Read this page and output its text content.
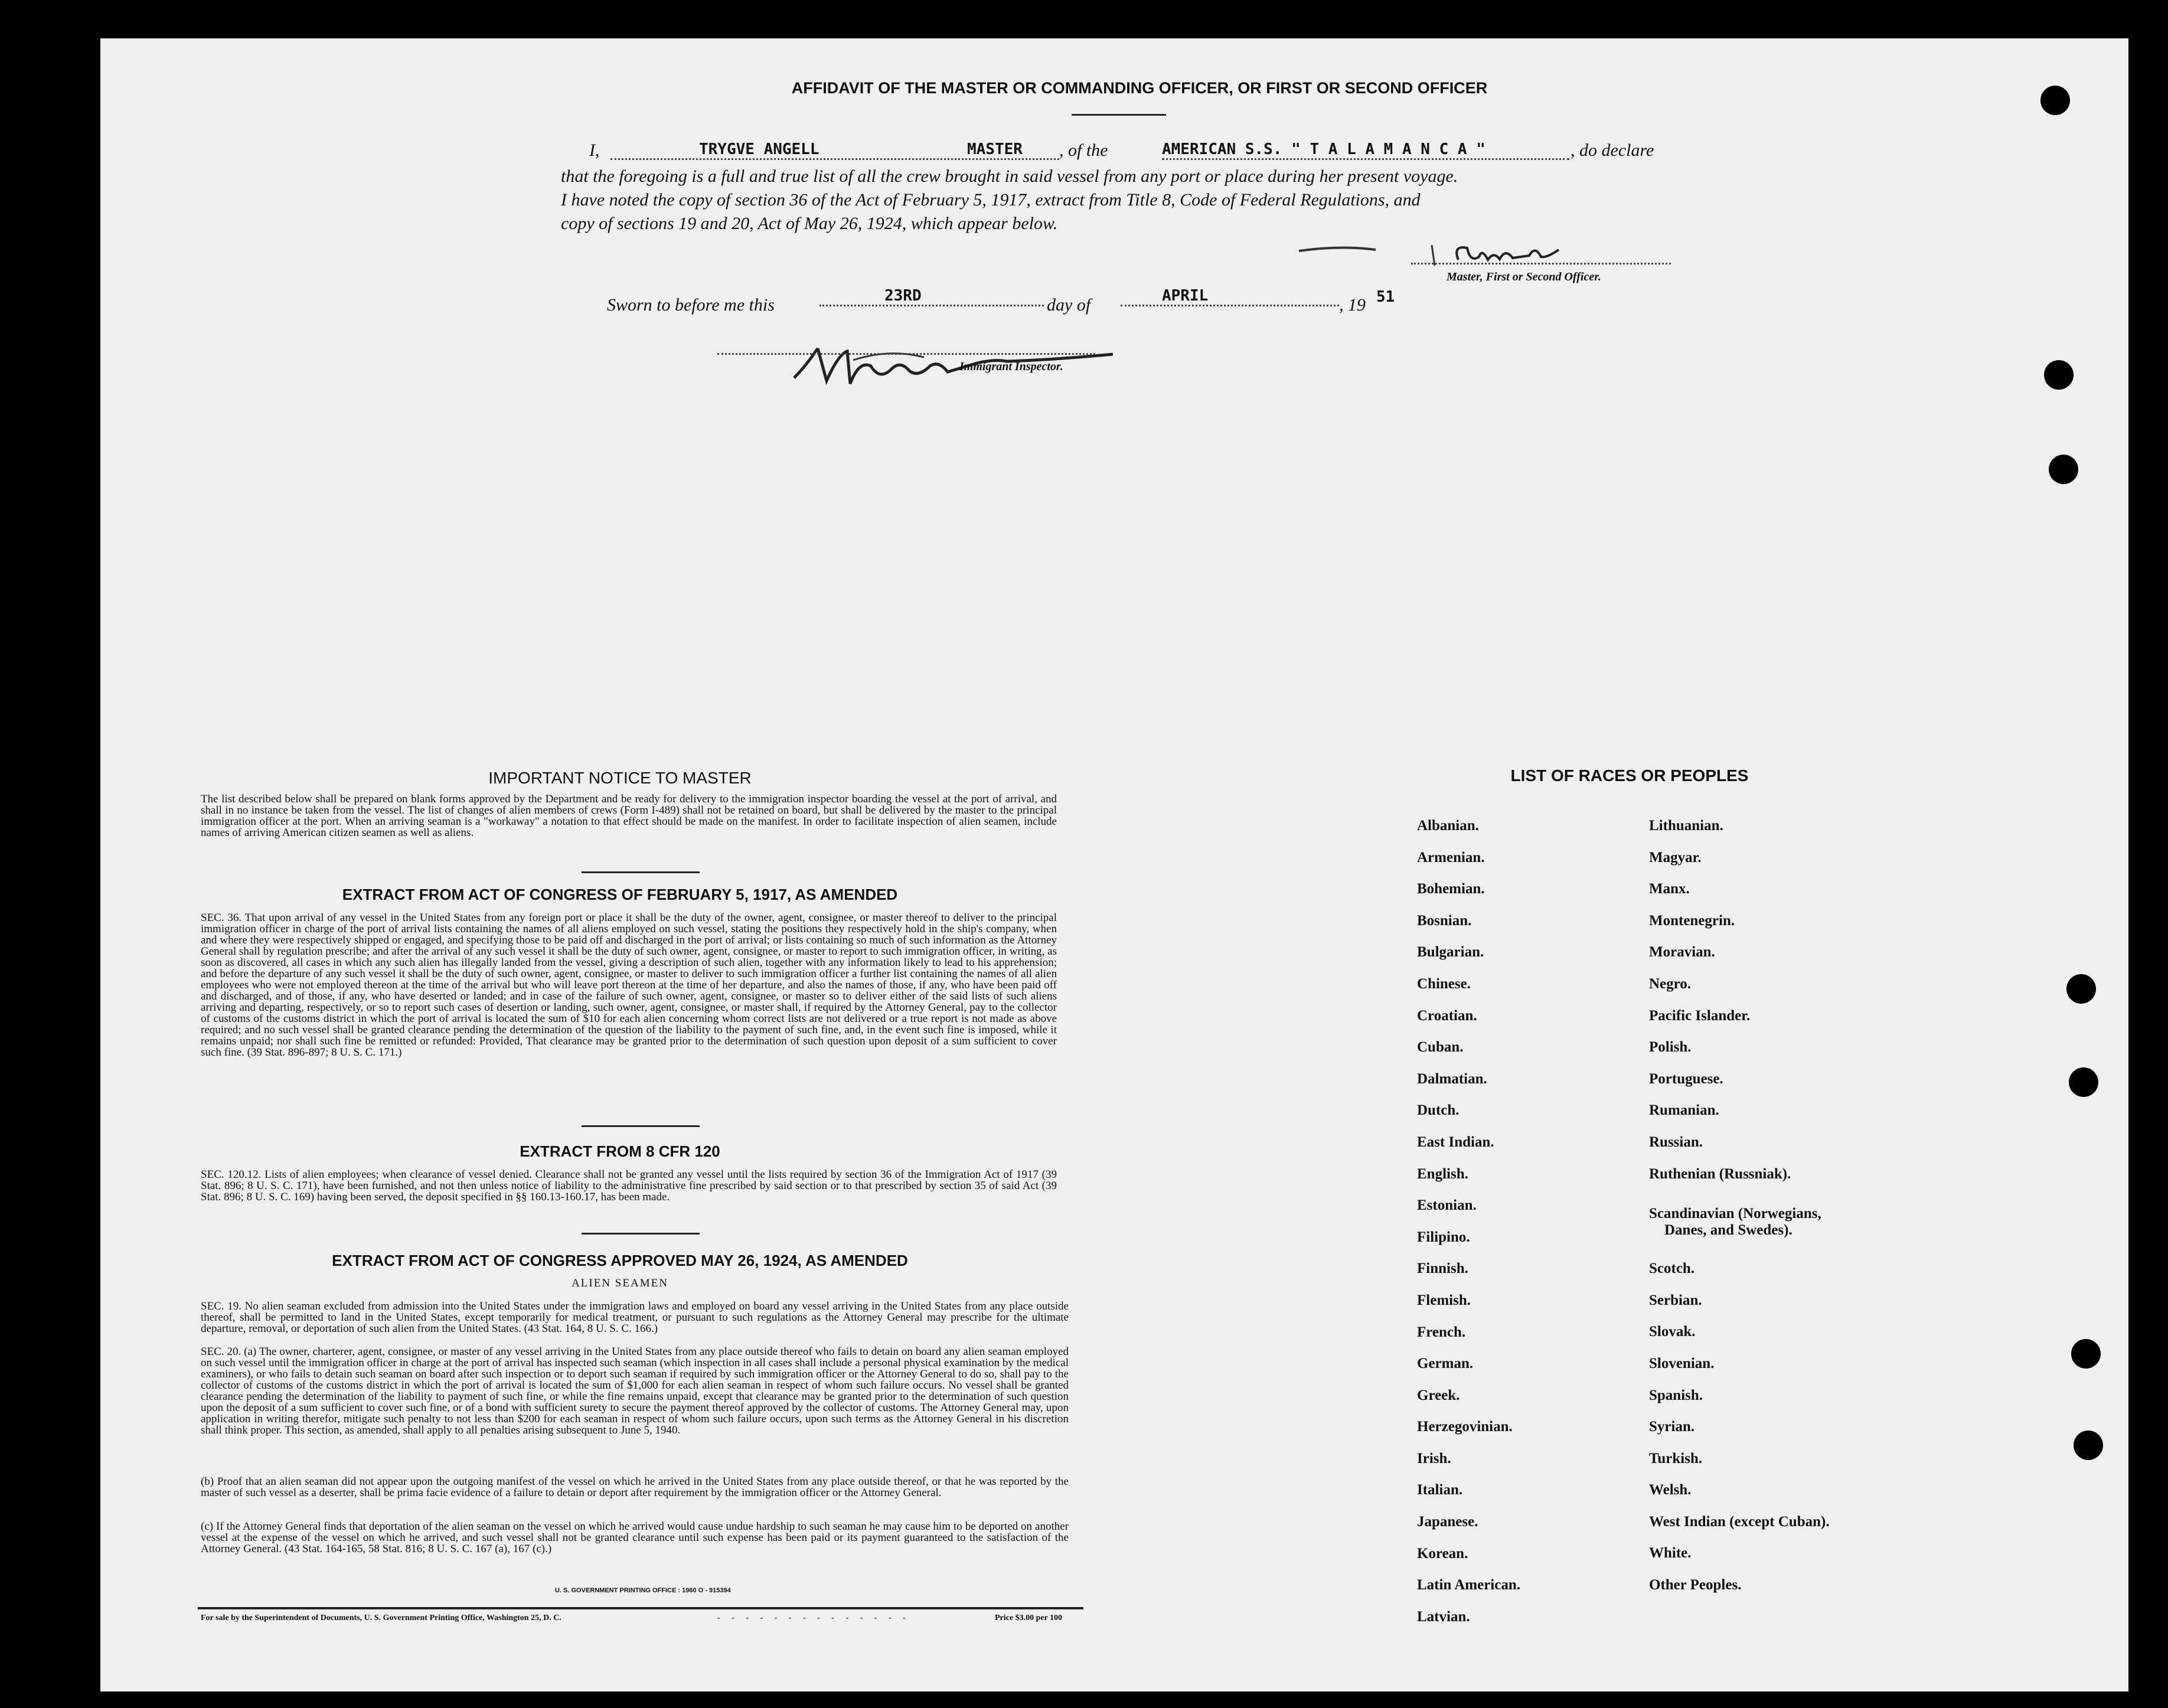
AFFIDAVIT OF THE MASTER OR COMMANDING OFFICER, OR FIRST OR SECOND OFFICER
I,	TRYGVE ANGELL	MASTER , of the	AMERICAN S.S. " T A L A M A N C A "	, do declare
that the foregoing is a full and true list of all the crew brought in said vessel from any port or place during her present voyage.
I have noted the copy of section 36 of the Act of February 5, 1917, extract from Title 8, Code of Federal Regulations, and
copy of sections 19 and 20, Act of May 26, 1924, which appear below.
Master, First or Second Officer.
Sworn to before me this	23RD	day of	APRIL	, 19 51
Immigrant Inspector.
IMPORTANT NOTICE TO MASTER
The list described below shall be prepared on blank forms approved by the Department and be ready for delivery to the immigration inspector boarding the vessel at the port of arrival, and shall in no instance be taken from the vessel. The list of changes of alien members of crews (Form I-489) shall not be retained on board, but shall be delivered by the master to the principal immigration officer at the port. When an arriving seaman is a "workaway" a notation to that effect should be made on the manifest. In order to facilitate inspection of alien seamen, include names of arriving American citizen seamen as well as aliens.
EXTRACT FROM ACT OF CONGRESS OF FEBRUARY 5, 1917, AS AMENDED
SEC. 36. That upon arrival of any vessel in the United States from any foreign port or place it shall be the duty of the owner, agent, consignee, or master thereof to deliver to the principal immigration officer in charge of the port of arrival lists containing the names of all aliens employed on such vessel, stating the positions they respectively hold in the ship's company, when and where they were respectively shipped or engaged, and specifying those to be paid off and discharged in the port of arrival; or lists containing so much of such information as the Attorney General shall by regulation prescribe; and after the arrival of any such vessel it shall be the duty of such owner, agent, consignee, or master to report to such immigration officer, in writing, as soon as discovered, all cases in which any such alien has illegally landed from the vessel, giving a description of such alien, together with any information likely to lead to his apprehension; and before the departure of any such vessel it shall be the duty of such owner, agent, consignee, or master to deliver to such immigration officer a further list containing the names of all alien employees who were not employed thereon at the time of the arrival but who will leave port thereon at the time of her departure, and also the names of those, if any, who have been paid off and discharged, and of those, if any, who have deserted or landed; and in case of the failure of such owner, agent, consignee, or master so to deliver either of the said lists of such aliens arriving and departing, respectively, or so to report such cases of desertion or landing, such owner, agent, consignee, or master shall, if required by the Attorney General, pay to the collector of customs of the customs district in which the port of arrival is located the sum of $10 for each alien concerning whom correct lists are not delivered or a true report is not made as above required; and no such vessel shall be granted clearance pending the determination of the question of the liability to the payment of such fine, and, in the event such fine is imposed, while it remains unpaid; nor shall such fine be remitted or refunded: Provided, That clearance may be granted prior to the determination of such question upon deposit of a sum sufficient to cover such fine. (39 Stat. 896-897; 8 U. S. C. 171.)
EXTRACT FROM 8 CFR 120
SEC. 120.12. Lists of alien employees; when clearance of vessel denied. Clearance shall not be granted any vessel until the lists required by section 36 of the Immigration Act of 1917 (39 Stat. 896; 8 U. S. C. 171), have been furnished, and not then unless notice of liability to the administrative fine prescribed by said section or to that prescribed by section 35 of said Act (39 Stat. 896; 8 U. S. C. 169) having been served, the deposit specified in §§ 160.13-160.17, has been made.
EXTRACT FROM ACT OF CONGRESS APPROVED MAY 26, 1924, AS AMENDED
ALIEN SEAMEN
SEC. 19. No alien seaman excluded from admission into the United States under the immigration laws and employed on board any vessel arriving in the United States from any place outside thereof, shall be permitted to land in the United States, except temporarily for medical treatment, or pursuant to such regulations as the Attorney General may prescribe for the ultimate departure, removal, or deportation of such alien from the United States. (43 Stat. 164, 8 U. S. C. 166.)
SEC. 20. (a) The owner, charterer, agent, consignee, or master of any vessel arriving in the United States from any place outside thereof who fails to detain on board any alien seaman employed on such vessel until the immigration officer in charge at the port of arrival has inspected such seaman (which inspection in all cases shall include a personal physical examination by the medical examiners), or who fails to detain such seaman on board after such inspection or to deport such seaman if required by such immigration officer or the Attorney General to do so, shall pay to the collector of customs of the customs district in which the port of arrival is located the sum of $1,000 for each alien seaman in respect of whom such failure occurs. No vessel shall be granted clearance pending the determination of the liability to payment of such fine, or while the fine remains unpaid, except that clearance may be granted prior to the determination of such question upon the deposit of a sum sufficient to cover such fine, or of a bond with sufficient surety to secure the payment thereof approved by the collector of customs. The Attorney General may, upon application in writing therefor, mitigate such penalty to not less than $200 for each seaman in respect of whom such failure occurs, upon such terms as the Attorney General in his discretion shall think proper. This section, as amended, shall apply to all penalties arising subsequent to June 5, 1940.
(b) Proof that an alien seaman did not appear upon the outgoing manifest of the vessel on which he arrived in the United States from any place outside thereof, or that he was reported by the master of such vessel as a deserter, shall be prima facie evidence of a failure to detain or deport after requirement by the immigration officer or the Attorney General.
(c) If the Attorney General finds that deportation of the alien seaman on the vessel on which he arrived would cause undue hardship to such seaman he may cause him to be deported on another vessel at the expense of the vessel on which he arrived, and such vessel shall not be granted clearance until such expense has been paid or its payment guaranteed to the satisfaction of the Attorney General. (43 Stat. 164-165, 58 Stat. 816; 8 U. S. C. 167 (a), 167 (c).)
U. S. GOVERNMENT PRINTING OFFICE : 1960 O - 915394
For sale by the Superintendent of Documents, U. S. Government Printing Office, Washington 25, D. C.	- - - - - - - - - - - - - -	Price $3.00 per 100
LIST OF RACES OR PEOPLES
Albanian.
Armenian.
Bohemian.
Bosnian.
Bulgarian.
Chinese.
Croatian.
Cuban.
Dalmatian.
Dutch.
East Indian.
English.
Estonian.
Filipino.
Finnish.
Flemish.
French.
German.
Greek.
Herzegovinian.
Irish.
Italian.
Japanese.
Korean.
Latin American.
Latvian.
Lithuanian.
Magyar.
Manx.
Montenegrin.
Moravian.
Negro.
Pacific Islander.
Polish.
Portuguese.
Rumanian.
Russian.
Ruthenian (Russniak).
Scandinavian (Norwegians,
Danes, and Swedes).
Scotch.
Serbian.
Slovak.
Slovenian.
Spanish.
Syrian.
Turkish.
Welsh.
West Indian (except Cuban).
White.
Other Peoples.
